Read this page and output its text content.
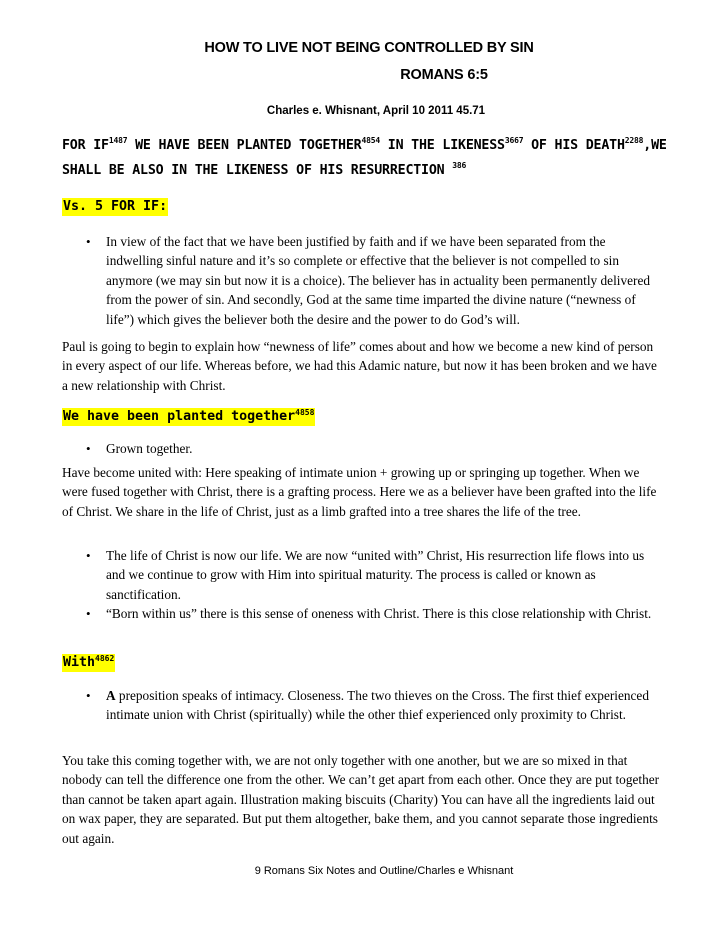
HOW TO LIVE NOT BEING CONTROLLED BY SIN
ROMANS 6:5
Charles e. Whisnant, April 10 2011 45.71
FOR $IF^{1487}$ WE HAVE BEEN PLANTED $TOGETHER^{4854}$ IN THE $LIKENESS^{3667}$ OF HIS $DEATH^{2288},WE$ SHALL BE ALSO IN THE LIKENESS OF HIS RESURRECTION $^{386}$
Vs. 5 FOR IF:
• In view of the fact that we have been justified by faith and if we have been separated from the indwelling sinful nature and it’s so complete or effective that the believer is not compelled to sin anymore (we may sin but now it is a choice). The believer has in actuality been permanently delivered from the power of sin. And secondly, God at the same time imparted the divine nature (“newness of life”) which gives the believer both the desire and the power to do God’s will.

Paul is going to begin to explain how “newness of life” comes about and how we become a new kind of person in every aspect of our life. Whereas before, we had this Adamic nature, but now it has been broken and we have a new relationship with Christ.

We have been planted together$^{4858}$
• Grown together.

Have become united with: Here speaking of intimate union + growing up or springing up together. When we were fused together with Christ, there is a grafting process. Here we as a believer have been grafted into the life of Christ. We share in the life of Christ, just as a limb grafted into a tree shares the life of the tree.

• The life of Christ is now our life. We are now “united with” Christ, His resurrection life flows into us and we continue to grow with Him into spiritual maturity. The process is called or known as sanctification.
• “Born within us” there is this sense of oneness with Christ. There is this close relationship with Christ.
With$^{4862}$
• A preposition speaks of intimacy. Closeness. The two thieves on the Cross. The first thief experienced intimate union with Christ (spiritually) while the other thief experienced only proximity to Christ.

You take this coming together with, we are not only together with one another, but we are so mixed in that nobody can tell the difference one from the other. We can’t get apart from each other. Once they are put together than cannot be taken apart again. Illustration making biscuits (Charity) You can have all the ingredients laid out on wax paper, they are separated. But put them altogether, bake them, and you cannot separate those ingredients out again.

9 Romans Six Notes and Outline/Charles e Whisnant
